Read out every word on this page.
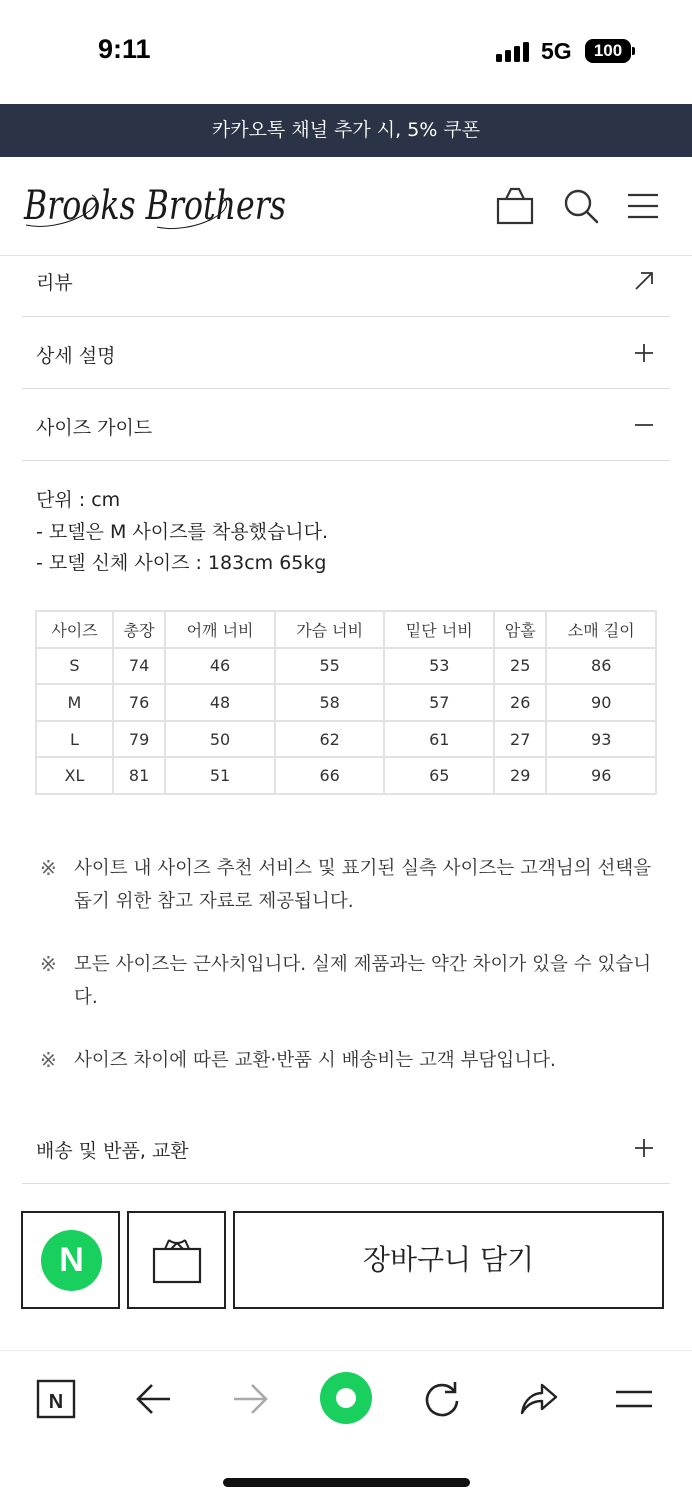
9:11	5G	100
카카오톡 채널 추가 시, 5% 쿠폰
Brooks Brothers
리뷰
상세 설명
사이즈 가이드
단위 : cm
- 모델은 M 사이즈를 착용했습니다.
- 모델 신체 사이즈 : 183cm 65kg
사이즈	총장	어깨 너비	가슴 너비	밑단 너비	암홀	소매 길이
S	74	46	55	53	25	86
M	76	48	58	57	26	90
L	79	50	62	61	27	93
XL	81	51	66	65	29	96
※ 사이트 내 사이즈 추천 서비스 및 표기된 실측 사이즈는 고객님의 선택을
돕기 위한 참고 자료로 제공됩니다.
※ 모든 사이즈는 근사치입니다. 실제 제품과는 약간 차이가 있을 수 있습니
다.
※ 사이즈 차이에 따른 교환·반품 시 배송비는 고객 부담입니다.
배송 및 반품, 교환
N	장바구니 담기
N
